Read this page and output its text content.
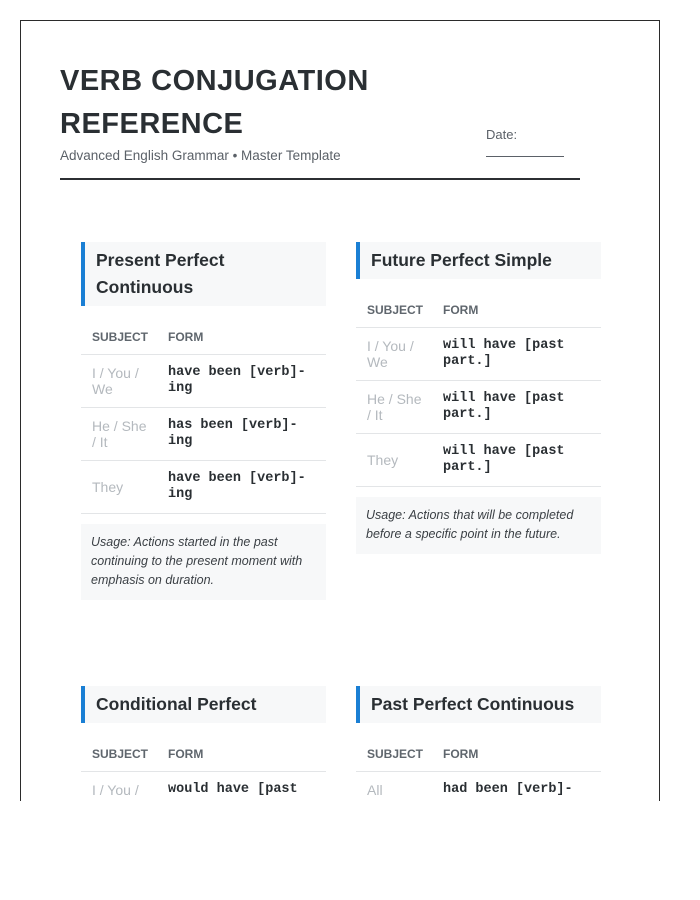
VERB CONJUGATION REFERENCE
Advanced English Grammar • Master Template
Date:
Present Perfect Continuous
SUBJECT	FORM
I / You / We	have been [verb]-ing
He / She / It	has been [verb]-ing
They	have been [verb]-ing
Usage: Actions started in the past continuing to the present moment with emphasis on duration.
Future Perfect Simple
SUBJECT	FORM
I / You / We	will have [past part.]
He / She / It	will have [past part.]
They	will have [past part.]
Usage: Actions that will be completed before a specific point in the future.
Conditional Perfect
SUBJECT	FORM
I / You /	would have [past
Past Perfect Continuous
SUBJECT	FORM
All	had been [verb]-
